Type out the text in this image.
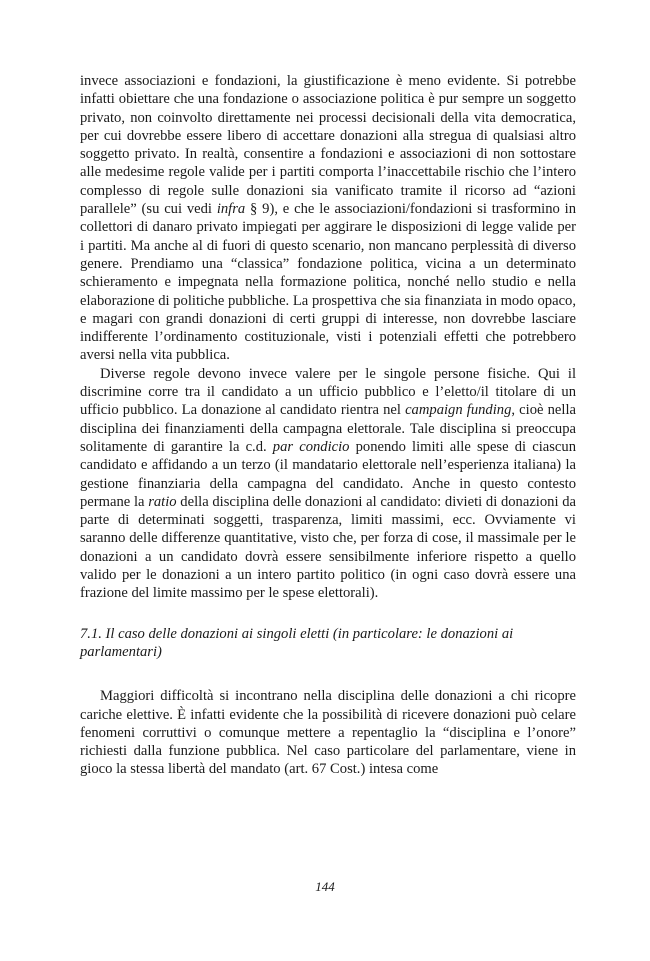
invece associazioni e fondazioni, la giustificazione è meno evidente. Si potrebbe infatti obiettare che una fondazione o associazione politica è pur sempre un soggetto privato, non coinvolto direttamente nei processi decisionali della vita democratica, per cui dovrebbe essere libero di accettare donazioni alla stregua di qualsiasi altro soggetto privato. In realtà, consentire a fondazioni e associazioni di non sottostare alle medesime regole valide per i partiti comporta l’inaccettabile rischio che l’intero complesso di regole sulle donazioni sia vanificato tramite il ricorso ad “azioni parallele” (su cui vedi infra § 9), e che le associazioni/fondazioni si trasformino in collettori di danaro privato impiegati per aggirare le disposizioni di legge valide per i partiti. Ma anche al di fuori di questo scenario, non mancano perplessità di diverso genere. Prendiamo una “classica” fondazione politica, vicina a un determinato schieramento e impegnata nella formazione politica, nonché nello studio e nella elaborazione di politiche pubbliche. La prospettiva che sia finanziata in modo opaco, e magari con grandi donazioni di certi gruppi di interesse, non dovrebbe lasciare indifferente l’ordinamento costituzionale, visti i potenziali effetti che potrebbero aversi nella vita pubblica.

Diverse regole devono invece valere per le singole persone fisiche. Qui il discrimine corre tra il candidato a un ufficio pubblico e l’eletto/il titolare di un ufficio pubblico. La donazione al candidato rientra nel campaign funding, cioè nella disciplina dei finanziamenti della campagna elettorale. Tale disciplina si preoccupa solitamente di garantire la c.d. par condicio ponendo limiti alle spese di ciascun candidato e affidando a un terzo (il mandatario elettorale nell’esperienza italiana) la gestione finanziaria della campagna del candidato. Anche in questo contesto permane la ratio della disciplina delle donazioni al candidato: divieti di donazioni da parte di determinati soggetti, trasparenza, limiti massimi, ecc. Ovviamente vi saranno delle differenze quantitative, visto che, per forza di cose, il massimale per le donazioni a un candidato dovrà essere sensibilmente inferiore rispetto a quello valido per le donazioni a un intero partito politico (in ogni caso dovrà essere una frazione del limite massimo per le spese elettorali).

7.1. Il caso delle donazioni ai singoli eletti (in particolare: le donazioni ai parlamentari)

Maggiori difficoltà si incontrano nella disciplina delle donazioni a chi ricopre cariche elettive. È infatti evidente che la possibilità di ricevere donazioni può celare fenomeni corruttivi o comunque mettere a repentaglio la “disciplina e l’onore” richiesti dalla funzione pubblica. Nel caso particolare del parlamentare, viene in gioco la stessa libertà del mandato (art. 67 Cost.) intesa come

144
